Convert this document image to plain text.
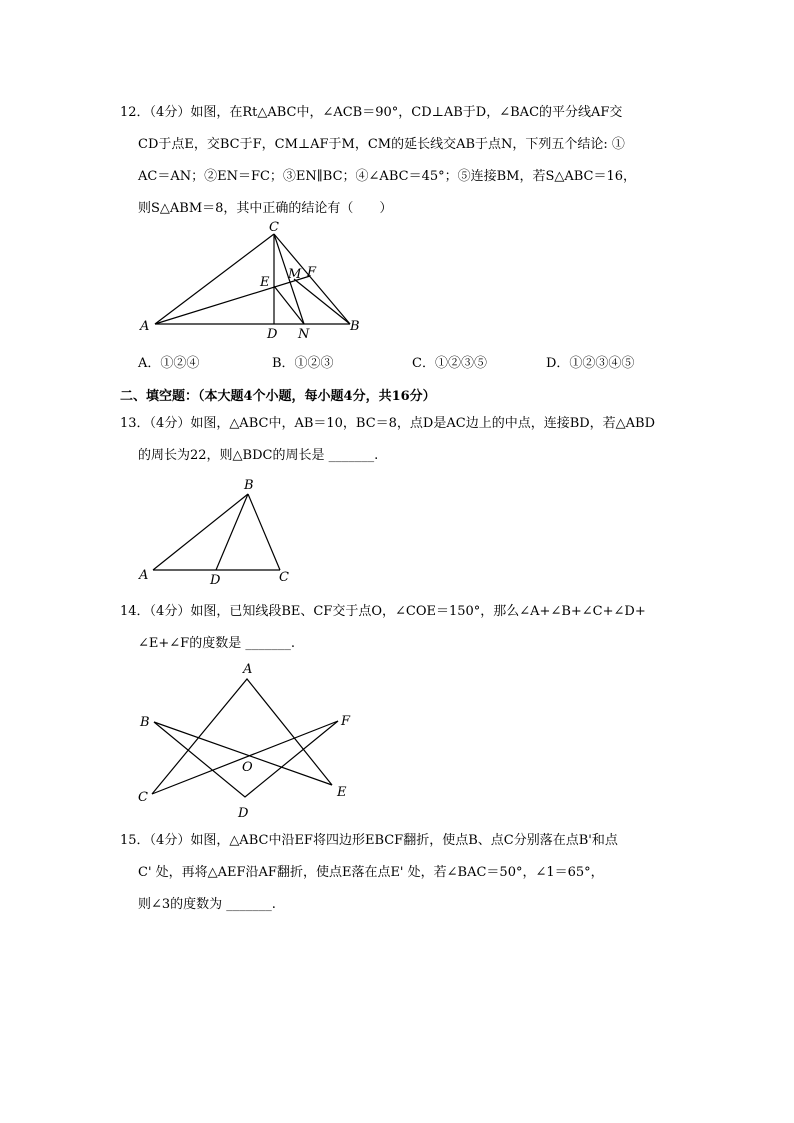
12．（4分）如图，在Rt△ABC中，∠ACB＝90°，CD⊥AB于D，∠BAC的平分线AF交
CD于点E，交BC于F，CM⊥AF于M，CM的延长线交AB于点N，下列五个结论: ①
AC＝AN；②EN＝FC；③EN∥BC；④∠ABC＝45°；⑤连接BM，若S△ABC＝16，
则S△ABM＝8，其中正确的结论有（　　）
C
M F
E
A
D N
B
A．①②④	B．①②③	C．①②③⑤	D．①②③④⑤
二、填空题：（本大题4个小题，每小题4分，共16分）
13．（4分）如图，△ABC中，AB＝10，BC＝8，点D是AC边上的中点，连接BD，若△ABD
的周长为22，则△BDC的周长是 _______.
B
A	D	C
14．（4分）如图，已知线段BE、CF交于点O，∠COE＝150°，那么∠A+∠B+∠C+∠D+
∠E+∠F的度数是 _______.
A
B	F
O
C
D
E
15．（4分）如图，△ABC中沿EF将四边形EBCF翻折，使点B、点C分别落在点B'和点
C' 处，再将△AEF沿AF翻折，使点E落在点E' 处，若∠BAC＝50°，∠1＝65°，
则∠3的度数为 _______.
